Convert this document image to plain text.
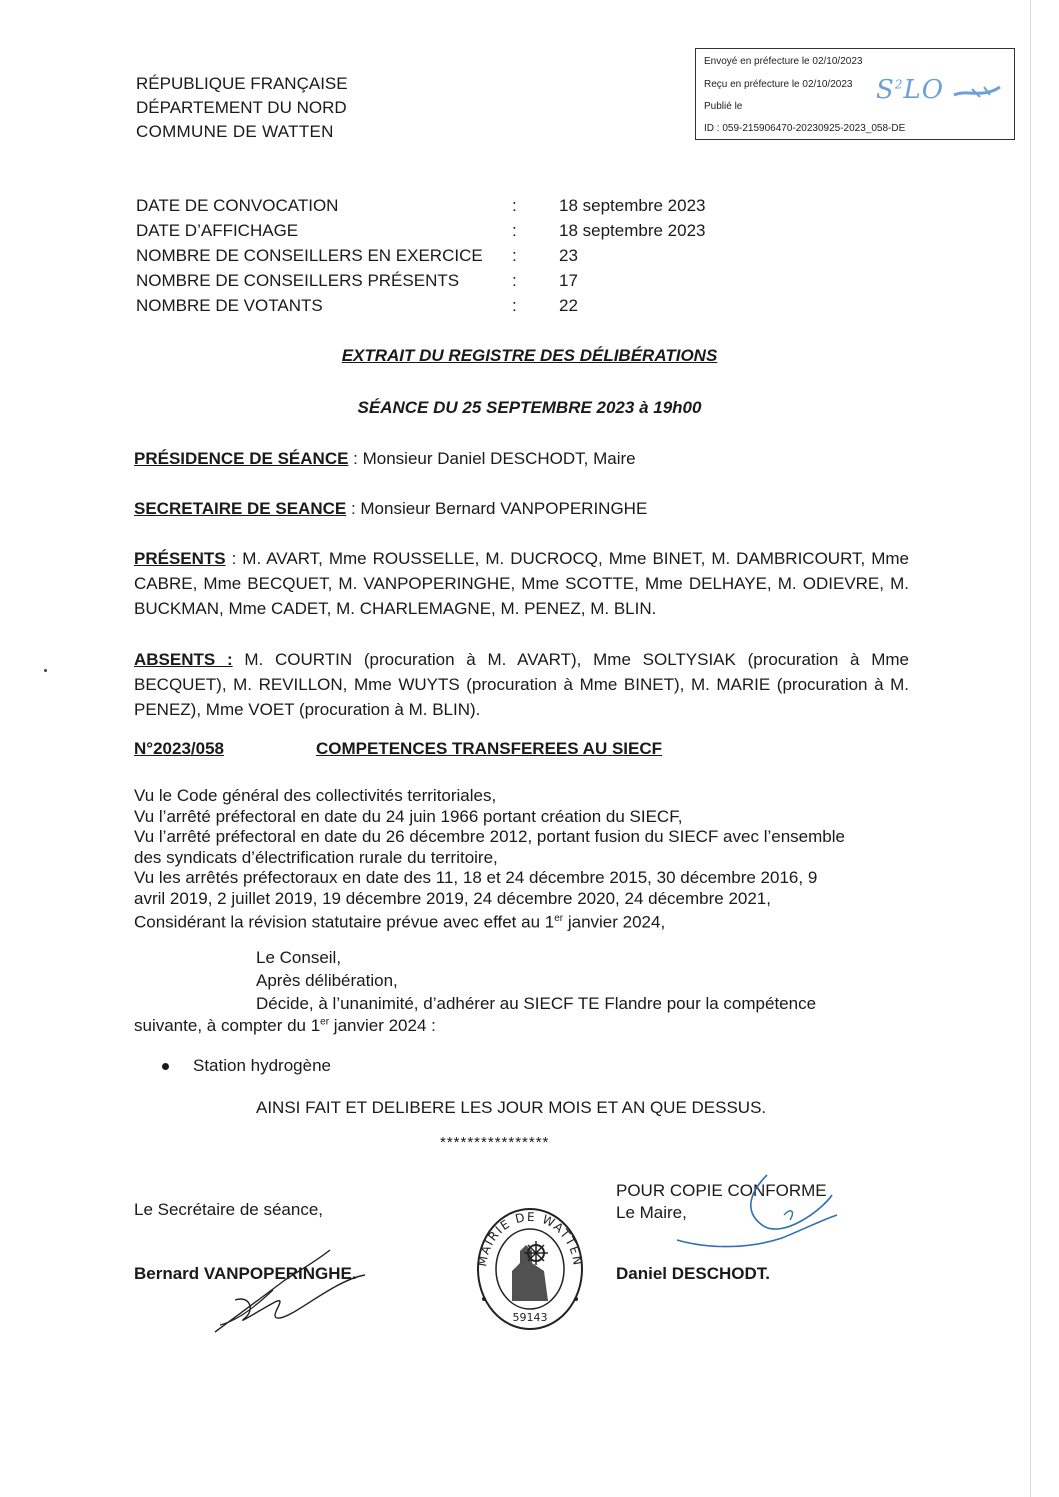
Envoyé en préfecture le 02/10/2023
Reçu en préfecture le 02/10/2023
Publié le
ID : 059-215906470-20230925-2023_058-DE
$S^2LO$
RÉPUBLIQUE FRANÇAISE
DÉPARTEMENT DU NORD
COMMUNE DE WATTEN
DATE DE CONVOCATION	: 18 septembre 2023
DATE D’AFFICHAGE	: 18 septembre 2023
NOMBRE DE CONSEILLERS EN EXERCICE : 23
NOMBRE DE CONSEILLERS PRÉSENTS	: 17
NOMBRE DE VOTANTS	: 22
EXTRAIT DU REGISTRE DES DÉLIBÉRATIONS
SÉANCE DU 25 SEPTEMBRE 2023 à 19h00
PRÉSIDENCE DE SÉANCE : Monsieur Daniel DESCHODT, Maire
SECRETAIRE DE SEANCE : Monsieur Bernard VANPOPERINGHE
PRÉSENTS : M. AVART, Mme ROUSSELLE, M. DUCROCQ, Mme BINET, M. DAMBRICOURT, Mme CABRE, Mme BECQUET, M. VANPOPERINGHE, Mme SCOTTE, Mme DELHAYE, M. ODIEVRE, M. BUCKMAN, Mme CADET, M. CHARLEMAGNE, M. PENEZ, M. BLIN.
ABSENTS : M. COURTIN (procuration à M. AVART), Mme SOLTYSIAK (procuration à Mme BECQUET), M. REVILLON, Mme WUYTS (procuration à Mme BINET), M. MARIE (procuration à M. PENEZ), Mme VOET (procuration à M. BLIN).
N°2023/058	COMPETENCES TRANSFEREES AU SIECF
Vu le Code général des collectivités territoriales,
Vu l’arrêté préfectoral en date du 24 juin 1966 portant création du SIECF,
Vu l’arrêté préfectoral en date du 26 décembre 2012, portant fusion du SIECF avec l’ensemble
des syndicats d’électrification rurale du territoire,
Vu les arrêtés préfectoraux en date des 11, 18 et 24 décembre 2015, 30 décembre 2016, 9
avril 2019, 2 juillet 2019, 19 décembre 2019, 24 décembre 2020, 24 décembre 2021,
Considérant la révision statutaire prévue avec effet au 1er janvier 2024,
Le Conseil,
Après délibération,
Décide, à l’unanimité, d’adhérer au SIECF TE Flandre pour la compétence
suivante, à compter du 1er janvier 2024 :
Station hydrogène
AINSI FAIT ET DELIBERE LES JOUR MOIS ET AN QUE DESSUS.
****************
Le Secrétaire de séance,
Bernard VANPOPERINGHE.
POUR COPIE CONFORME
Le Maire,
Daniel DESCHODT.
MAIRIE DE WATTEN
59143
